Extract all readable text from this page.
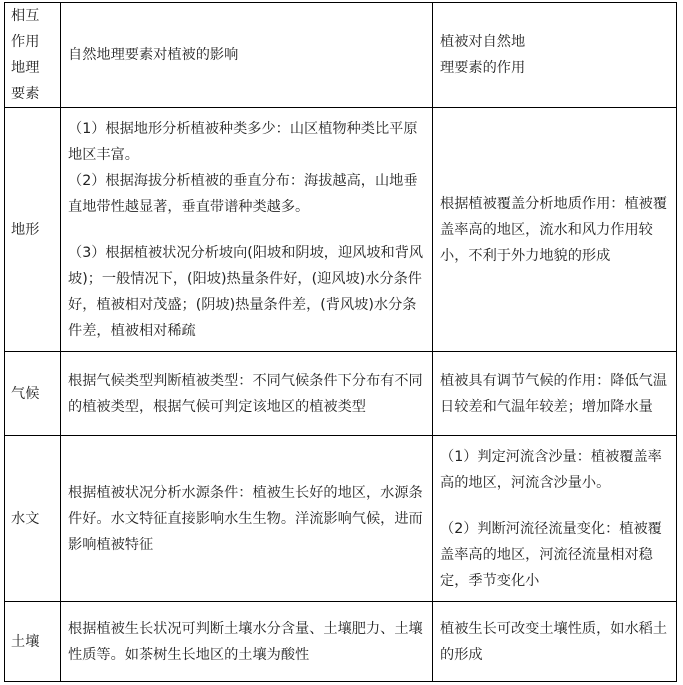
相互
作用
地理
要素	自然地理要素对植被的影响	植被对自然地
理要素的作用

地形	（1）根据地形分析植被种类多少：山区植物种类比平原地区丰富。
（2）根据海拔分析植被的垂直分布：海拔越高，山地垂直地带性越显著，垂直带谱种类越多。
（3）根据植被状况分析坡向(阳坡和阴坡，迎风坡和背风坡)；一般情况下，(阳坡)热量条件好，(迎风坡)水分条件好，植被相对茂盛；(阴坡)热量条件差，(背风坡)水分条件差，植被相对稀疏	根据植被覆盖分析地质作用：植被覆盖率高的地区，流水和风力作用较小，不利于外力地貌的形成

气候	根据气候类型判断植被类型：不同气候条件下分布有不同的植被类型，根据气候可判定该地区的植被类型	植被具有调节气候的作用：降低气温日较差和气温年较差；增加降水量

水文	根据植被状况分析水源条件：植被生长好的地区，水源条件好。水文特征直接影响水生生物。洋流影响气候，进而影响植被特征	（1）判定河流含沙量：植被覆盖率高的地区，河流含沙量小。
（2）判断河流径流量变化：植被覆盖率高的地区，河流径流量相对稳定，季节变化小

土壤	根据植被生长状况可判断土壤水分含量、土壤肥力、土壤性质等。如茶树生长地区的土壤为酸性	植被生长可改变土壤性质，如水稻土的形成
